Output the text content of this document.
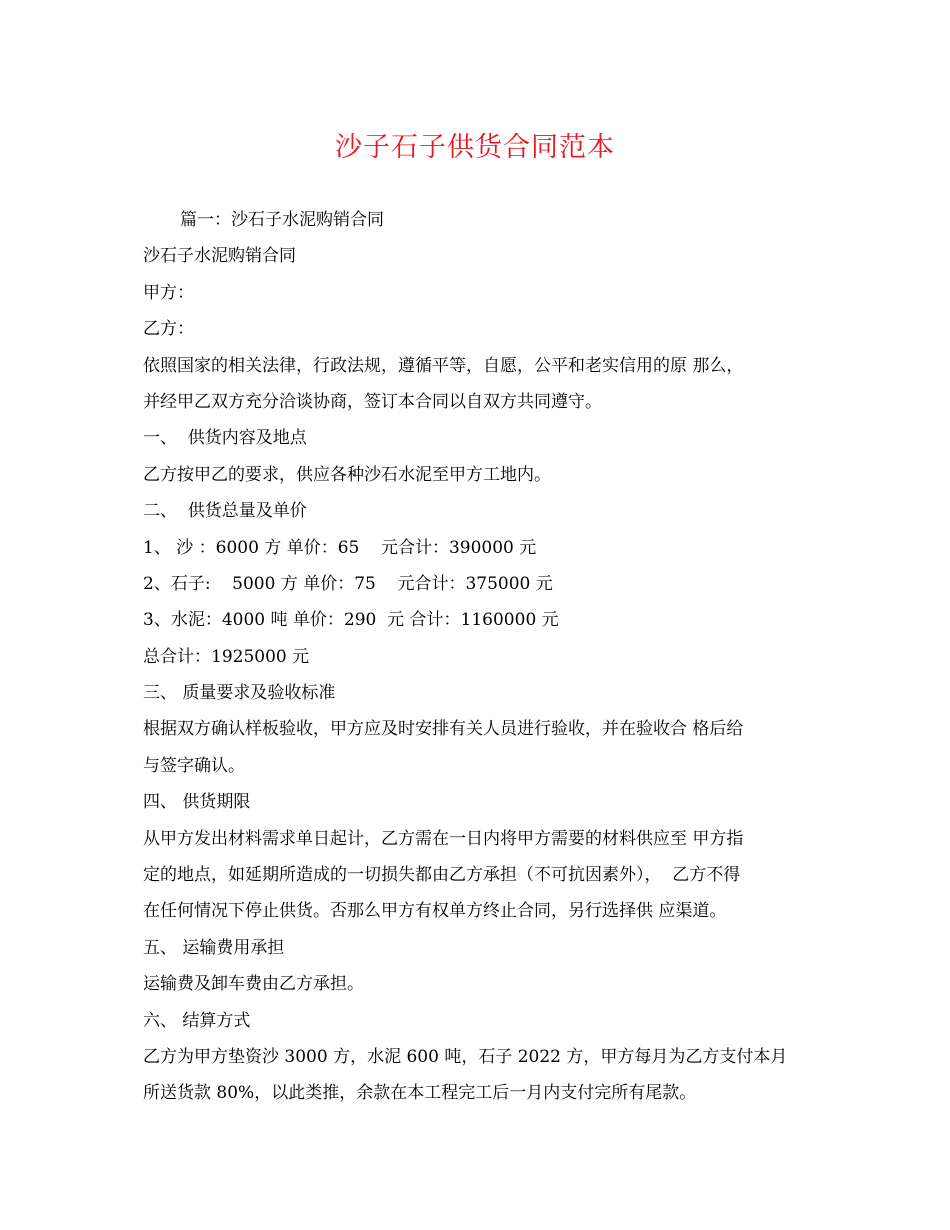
沙子石子供货合同范本
篇一：沙石子水泥购销合同
沙石子水泥购销合同
甲方：
乙方：
依照国家的相关法律，行政法规，遵循平等，自愿，公平和老实信用的原 那么，
并经甲乙双方充分洽谈协商，签订本合同以自双方共同遵守。
一、  供货内容及地点
乙方按甲乙的要求，供应各种沙石水泥至甲方工地内。
二、  供货总量及单价
1、 沙 ：6000 方 单价：65    元合计：390000 元
2、石子:    5000 方 单价：75    元合计：375000 元
3、水泥：4000 吨 单价：290  元 合计：1160000 元
总合计：1925000 元
三、 质量要求及验收标准
根据双方确认样板验收，甲方应及时安排有关人员进行验收，并在验收合 格后给
与签字确认。
四、 供货期限
从甲方发出材料需求单日起计，乙方需在一日内将甲方需要的材料供应至 甲方指
定的地点，如延期所造成的一切损失都由乙方承担（不可抗因素外），  乙方不得
在任何情况下停止供货。否那么甲方有权单方终止合同，另行选择供 应渠道。
五、 运输费用承担
运输费及卸车费由乙方承担。
六、 结算方式
乙方为甲方垫资沙 3000 方，水泥 600 吨，石子 2022 方，甲方每月为乙方支付本月
所送货款 80%，以此类推，余款在本工程完工后一月内支付完所有尾款。
